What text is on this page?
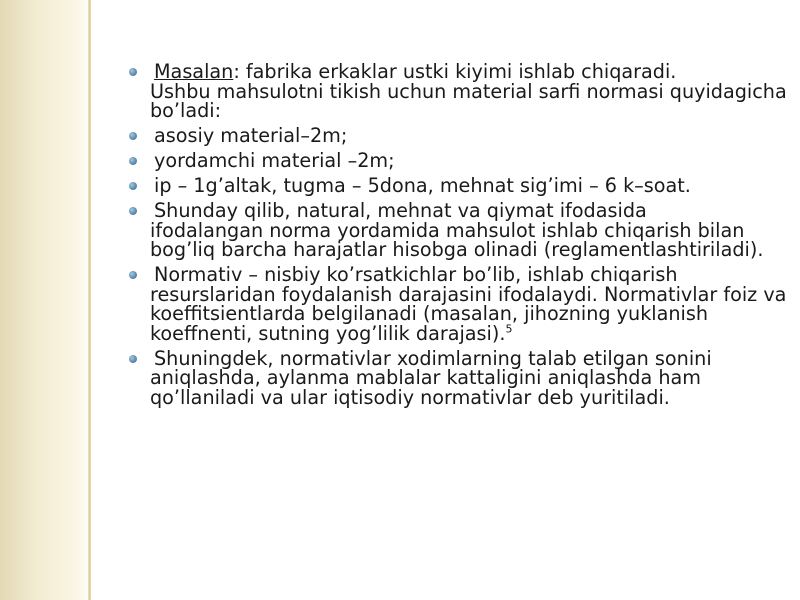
Masalan: fabrika erkaklar ustki kiyimi ishlab chiqaradi.
Ushbu mahsulotni tikish uchun material sarfi normasi quyidagicha bo’ladi:
asosiy material–2m;
yordamchi material –2m;
ip – 1g’altak, tugma – 5dona, mehnat sig’imi – 6 k–soat.
Shunday qilib, natural, mehnat va qiymat ifodasida
ifodalangan norma yordamida mahsulot ishlab chiqarish bilan bog’liq barcha harajatlar hisobga olinadi (reglamentlashtiriladi).
Normativ – nisbiy ko’rsatkichlar bo’lib, ishlab chiqarish
resurslaridan foydalanish darajasini ifodalaydi. Normativlar foiz va koeffitsientlarda belgilanadi (masalan, jihozning yuklanish koeffnenti, sutning yog’lilik darajasi).$^5$
Shuningdek, normativlar xodimlarning talab etilgan sonini
aniqlashda, aylanma mablalar kattaligini aniqlashda ham qo’llaniladi va ular iqtisodiy normativlar deb yuritiladi.
